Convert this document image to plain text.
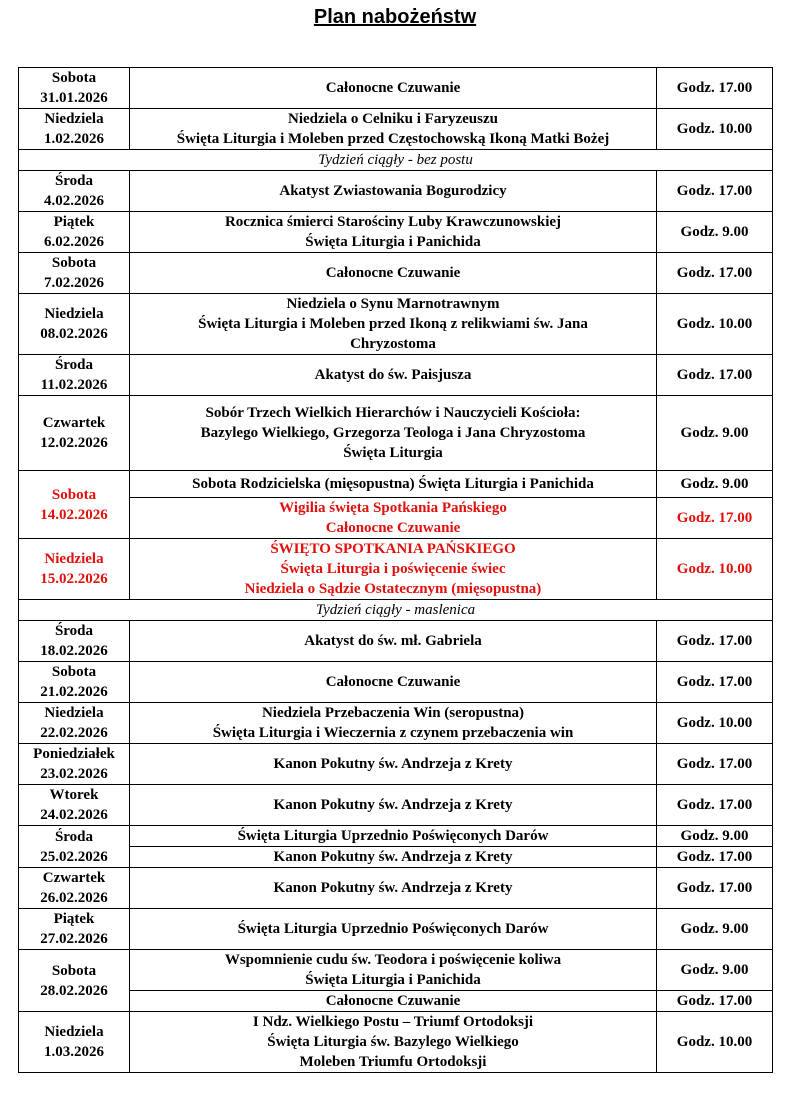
Plan nabożeństw
Sobota
31.01.2026	Całonocne Czuwanie	Godz. 17.00

Niedziela
1.02.2026	Niedziela o Celniku i Faryzeuszu
Święta Liturgia i Moleben przed Częstochowską Ikoną Matki Bożej	Godz. 10.00
Tydzień ciągły - bez postu		

Środa
4.02.2026	Akatyst Zwiastowania Bogurodzicy	Godz. 17.00

Piątek
6.02.2026	Rocznica śmierci Starościny Luby Krawczunowskiej
Święta Liturgia i Panichida	Godz. 9.00

Sobota
7.02.2026	Całonocne Czuwanie	Godz. 17.00

Niedziela
08.02.2026	Niedziela o Synu Marnotrawnym
Święta Liturgia i Moleben przed Ikoną z relikwiami św. Jana
Chryzostoma	Godz. 10.00

Środa
11.02.2026	Akatyst do św. Paisjusza	Godz. 17.00

Czwartek
12.02.2026	Sobór Trzech Wielkich Hierarchów i Nauczycieli Kościoła:
Bazylego Wielkiego, Grzegorza Teologa i Jana Chryzostoma
Święta Liturgia	Godz. 9.00

Sobota
14.02.2026	Sobota Rodzicielska (mięsopustna) Święta Liturgia i Panichida	Godz. 9.00

	Wigilia święta Spotkania Pańskiego
Całonocne Czuwanie	Godz. 17.00

Niedziela
15.02.2026	ŚWIĘTO SPOTKANIA PAŃSKIEGO
Święta Liturgia i poświęcenie świec
Niedziela o Sądzie Ostatecznym (mięsopustna)	Godz. 10.00
Tydzień ciągły - maslenica		

Środa
18.02.2026	Akatyst do św. mł. Gabriela	Godz. 17.00

Sobota
21.02.2026	Całonocne Czuwanie	Godz. 17.00

Niedziela
22.02.2026	Niedziela Przebaczenia Win (seropustna)
Święta Liturgia i Wieczernia z czynem przebaczenia win	Godz. 10.00

Poniedziałek
23.02.2026	Kanon Pokutny św. Andrzeja z Krety	Godz. 17.00

Wtorek
24.02.2026	Kanon Pokutny św. Andrzeja z Krety	Godz. 17.00

Środa
25.02.2026	Święta Liturgia Uprzednio Poświęconych Darów	Godz. 9.00
	Kanon Pokutny św. Andrzeja z Krety	Godz. 17.00

Czwartek
26.02.2026	Kanon Pokutny św. Andrzeja z Krety	Godz. 17.00

Piątek
27.02.2026	Święta Liturgia Uprzednio Poświęconych Darów	Godz. 9.00

Sobota
28.02.2026	Wspomnienie cudu św. Teodora i poświęcenie koliwa
Święta Liturgia i Panichida	Godz. 9.00
	Całonocne Czuwanie	Godz. 17.00

Niedziela
1.03.2026	I Ndz. Wielkiego Postu – Triumf Ortodoksji
Święta Liturgia św. Bazylego Wielkiego
Moleben Triumfu Ortodoksji	Godz. 10.00
